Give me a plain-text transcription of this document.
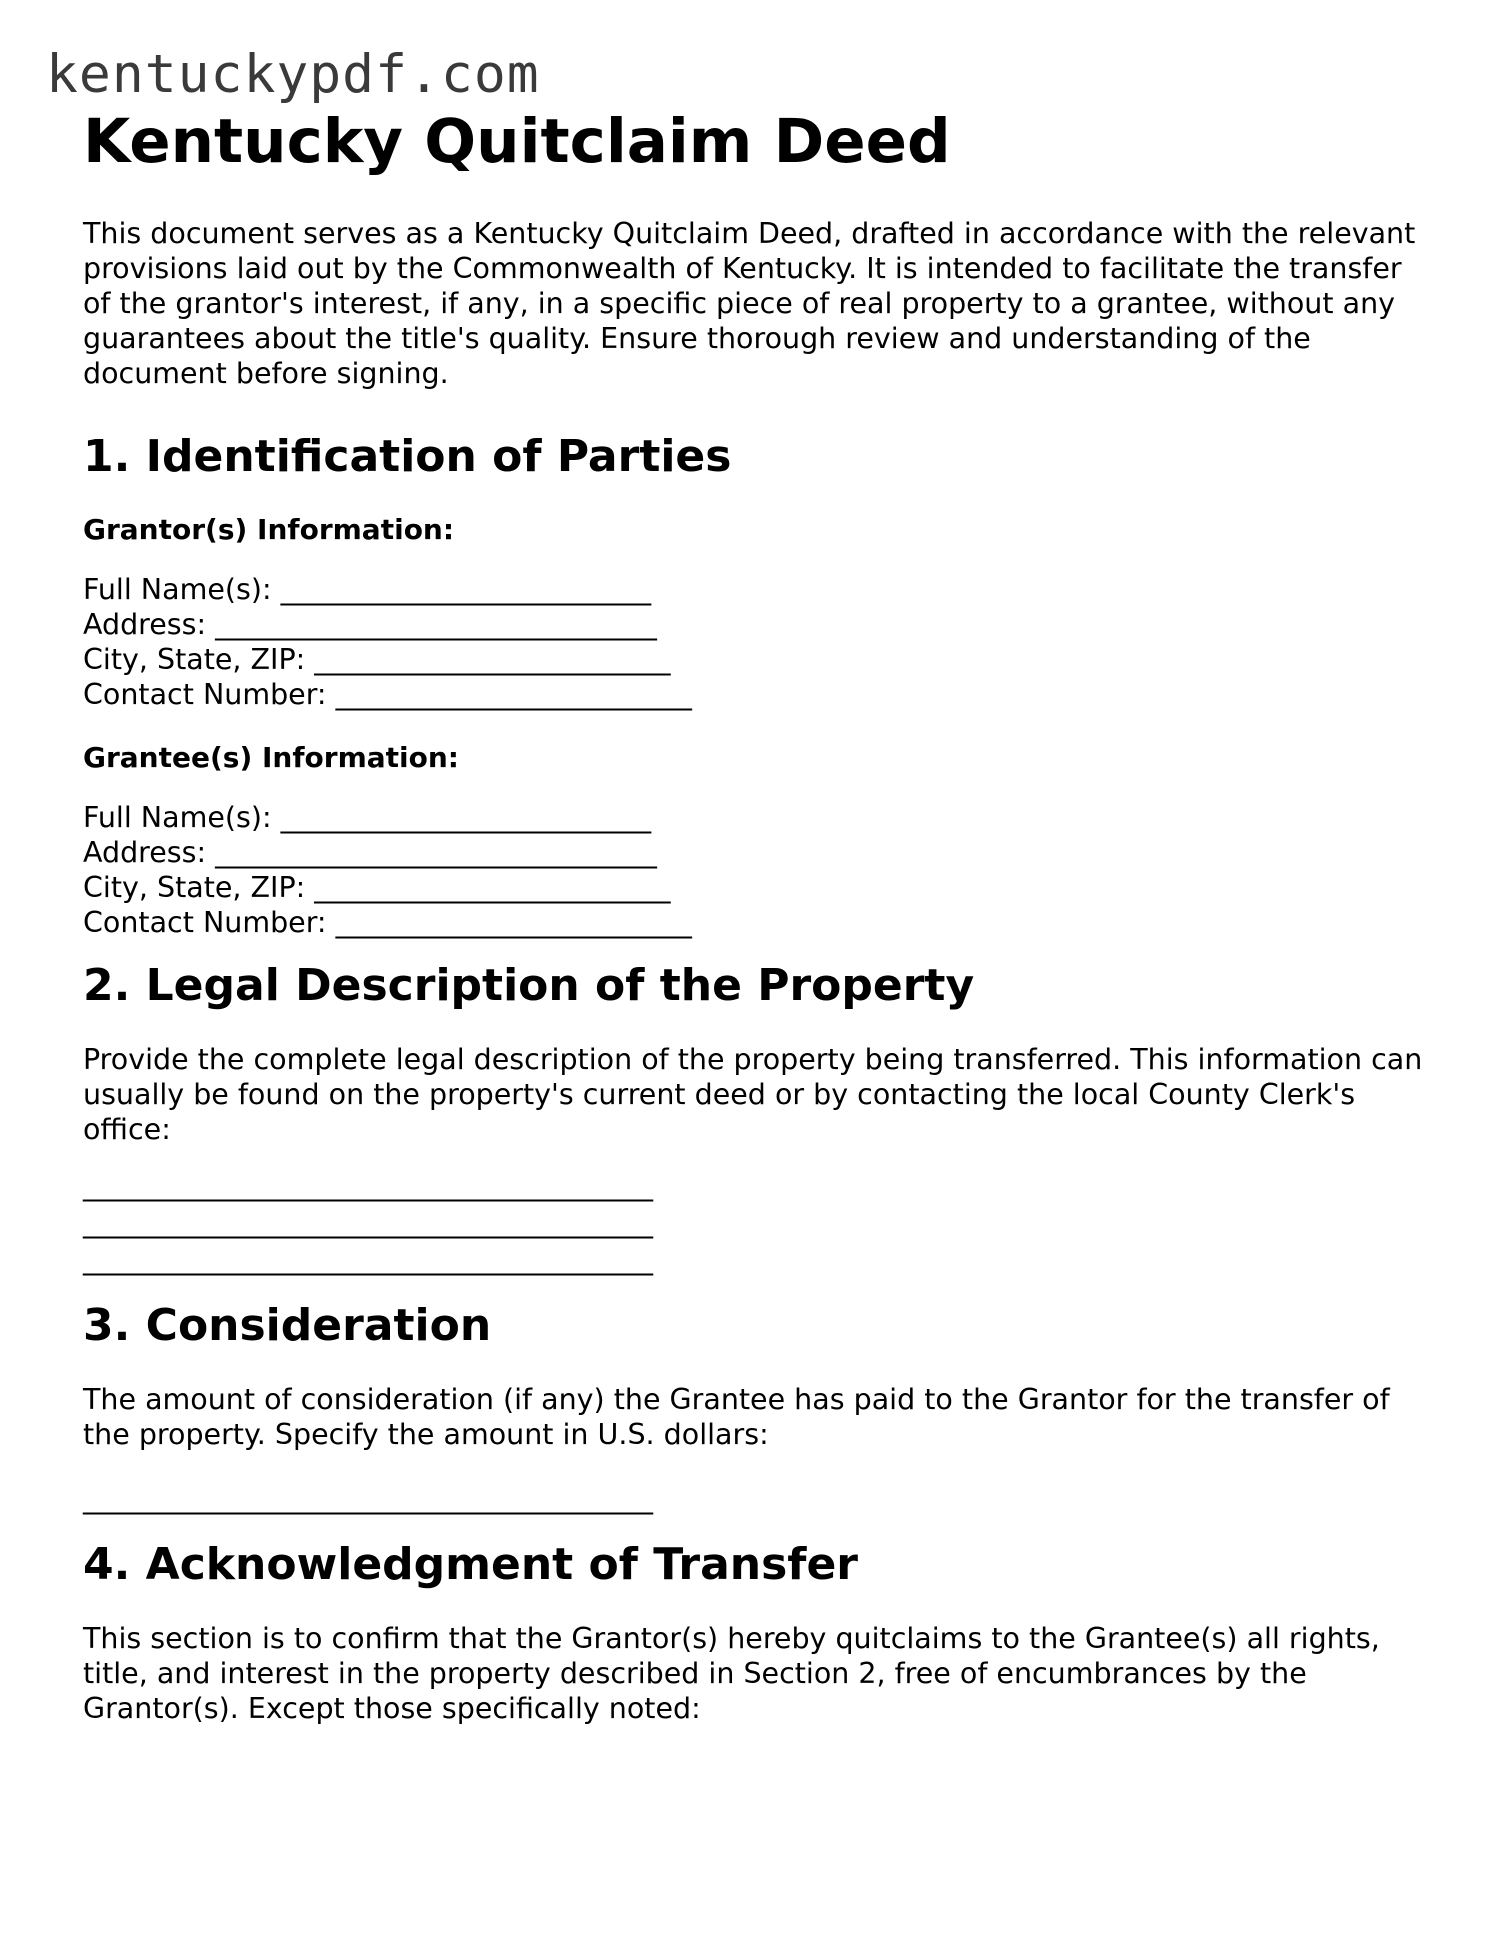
kentuckypdf.com
Kentucky Quitclaim Deed

This document serves as a Kentucky Quitclaim Deed, drafted in accordance with the relevant provisions laid out by the Commonwealth of Kentucky. It is intended to facilitate the transfer of the grantor's interest, if any, in a specific piece of real property to a grantee, without any guarantees about the title's quality. Ensure thorough review and understanding of the document before signing.

1. Identification of Parties
Grantor(s) Information:
Full Name(s): __________________________
Address: _______________________________
City, State, ZIP: _________________________
Contact Number: _________________________
Grantee(s) Information:
Full Name(s): __________________________
Address: _______________________________
City, State, ZIP: _________________________
Contact Number: _________________________
2. Legal Description of the Property

Provide the complete legal description of the property being transferred. This information can usually be found on the property's current deed or by contacting the local County Clerk's office:

________________________________________
________________________________________
________________________________________
3. Consideration

The amount of consideration (if any) the Grantee has paid to the Grantor for the transfer of the property. Specify the amount in U.S. dollars:

________________________________________
4. Acknowledgment of Transfer

This section is to confirm that the Grantor(s) hereby quitclaims to the Grantee(s) all rights, title, and interest in the property described in Section 2, free of encumbrances by the Grantor(s). Except those specifically noted:
